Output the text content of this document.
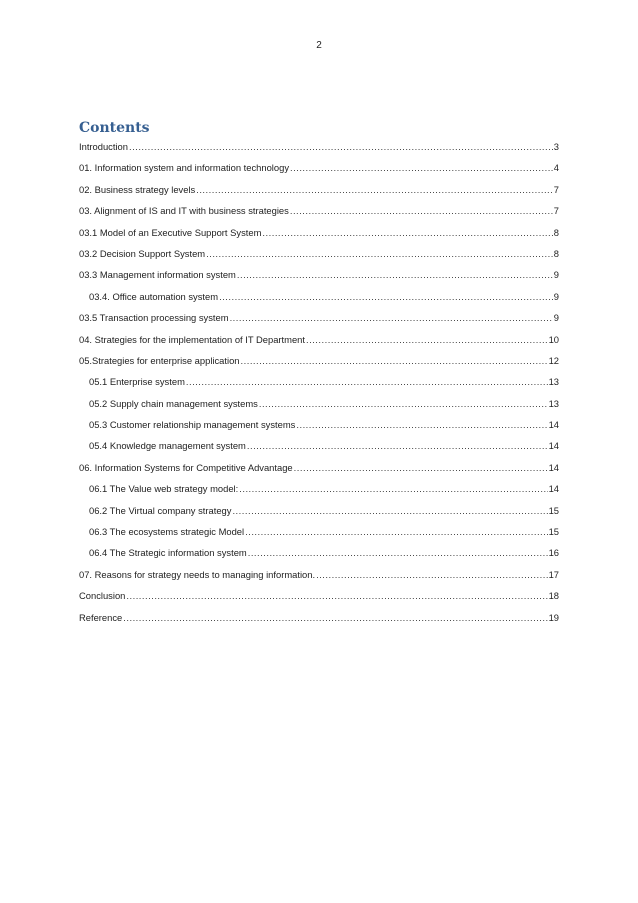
2
Contents
Introduction .....	3
01. Information system and information technology .....	4
02. Business strategy levels .....	7
03. Alignment of IS and IT with business strategies .....	7
03.1 Model of an Executive Support System .....	8
03.2 Decision Support System .....	8
03.3 Management information system .....	9
03.4. Office automation system .....	9
03.5 Transaction processing system .....	9
04. Strategies for the implementation of IT Department .....	10
05.Strategies for enterprise application .....	12
05.1 Enterprise system .....	13
05.2 Supply chain management systems .....	13
05.3 Customer relationship management systems .....	14
05.4 Knowledge management system .....	14
06. Information Systems for Competitive Advantage .....	14
06.1 The Value web strategy model: .....	14
06.2 The Virtual company strategy .....	15
06.3 The ecosystems strategic Model .....	15
06.4 The Strategic information system .....	16
07. Reasons for strategy needs to managing information. .....	17
Conclusion .....	18
Reference .....	19
